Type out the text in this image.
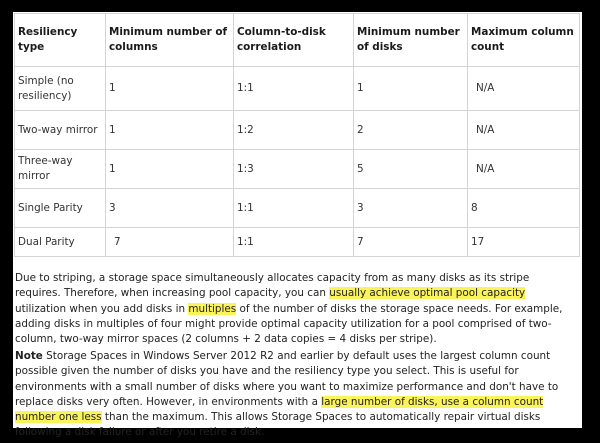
Resiliency type	Minimum number of columns	Column-to-disk correlation	Minimum number of disks	Maximum column count
Simple (no resiliency)	1	1:1	1	N/A
Two-way mirror	1	1:2	2	N/A
Three-way mirror	1	1:3	5	N/A
Single Parity	3	1:1	3	8
Dual Parity	7	1:1	7	17

Due to striping, a storage space simultaneously allocates capacity from as many disks as its stripe requires. Therefore, when increasing pool capacity, you can usually achieve optimal pool capacity utilization when you add disks in multiples of the number of disks the storage space needs. For example, adding disks in multiples of four might provide optimal capacity utilization for a pool comprised of two-column, two-way mirror spaces (2 columns + 2 data copies = 4 disks per stripe).

Note Storage Spaces in Windows Server 2012 R2 and earlier by default uses the largest column count possible given the number of disks you have and the resiliency type you select. This is useful for environments with a small number of disks where you want to maximize performance and don't have to replace disks very often. However, in environments with a large number of disks, use a column count number one less than the maximum. This allows Storage Spaces to automatically repair virtual disks following a disk failure or after you retire a disk.
